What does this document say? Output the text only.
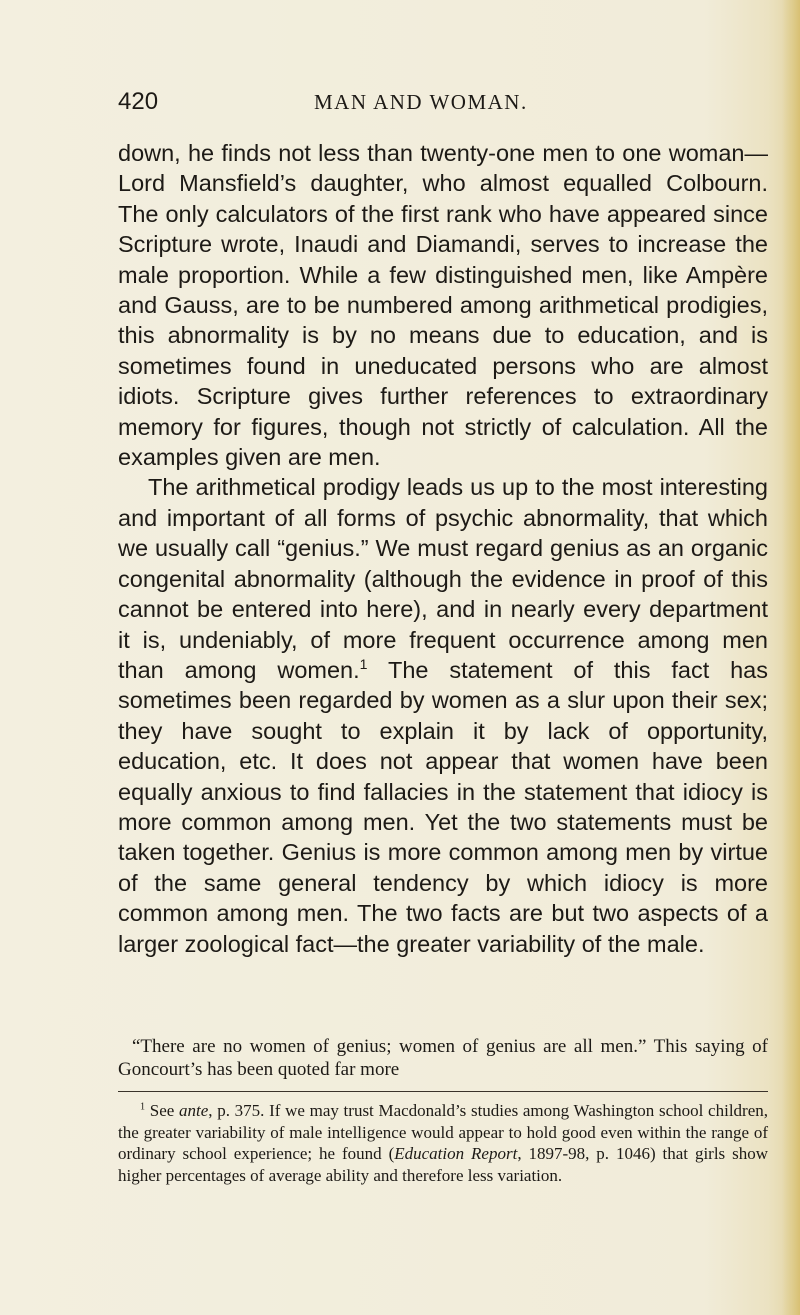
420	MAN AND WOMAN.

down, he finds not less than twenty-one men to one woman—Lord Mansfield’s daughter, who almost equalled Colbourn. The only calculators of the first rank who have appeared since Scripture wrote, Inaudi and Diamandi, serves to increase the male proportion. While a few distinguished men, like Ampère and Gauss, are to be numbered among arithmetical prodigies, this abnormality is by no means due to education, and is sometimes found in uneducated persons who are almost idiots. Scripture gives further references to extraordinary memory for figures, though not strictly of calculation. All the examples given are men.

The arithmetical prodigy leads us up to the most interesting and important of all forms of psychic abnormality, that which we usually call “genius.” We must regard genius as an organic congenital abnormality (although the evidence in proof of this cannot be entered into here), and in nearly every department it is, undeniably, of more frequent occurrence among men than among women.$^1$ The statement of this fact has sometimes been regarded by women as a slur upon their sex; they have sought to explain it by lack of opportunity, education, etc. It does not appear that women have been equally anxious to find fallacies in the statement that idiocy is more common among men. Yet the two statements must be taken together. Genius is more common among men by virtue of the same general tendency by which idiocy is more common among men. The two facts are but two aspects of a larger zoological fact—the greater variability of the male.

“There are no women of genius; women of genius are all men.” This saying of Goncourt’s has been quoted far more

$^1$ See ante, p. 375. If we may trust Macdonald’s studies among Washington school children, the greater variability of male intelligence would appear to hold good even within the range of ordinary school experience; he found (Education Report, 1897-98, p. 1046) that girls show higher percentages of average ability and therefore less variation.
